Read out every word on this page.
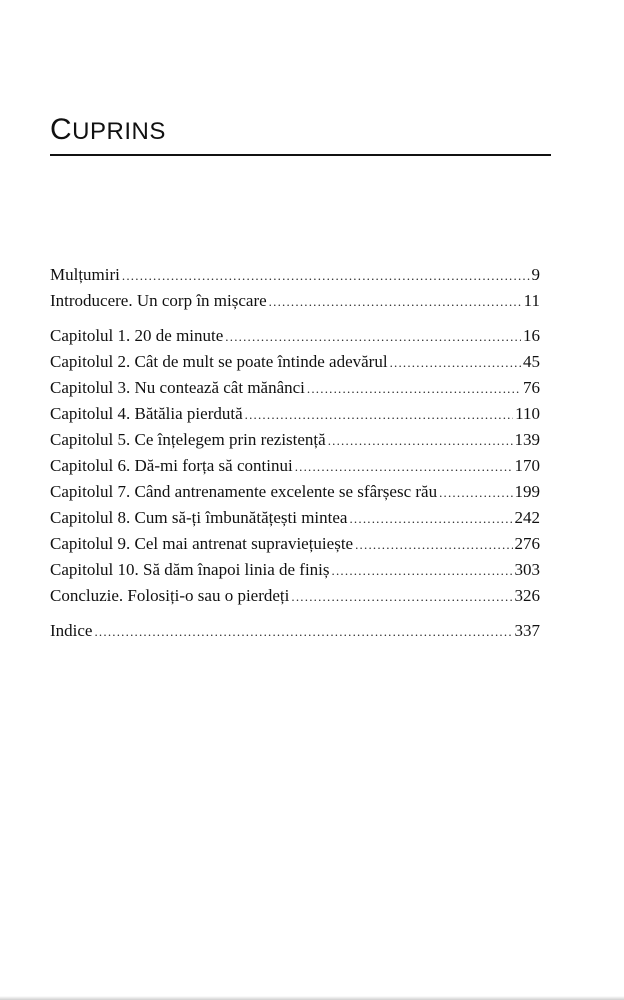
CUPRINS
Mulțumiri .....	9
Introducere. Un corp în mișcare .....	11
Capitolul 1. 20 de minute .....	16
Capitolul 2. Cât de mult se poate întinde adevărul .....	45
Capitolul 3. Nu contează cât mănânci .....	76
Capitolul 4. Bătălia pierdută .....	110
Capitolul 5. Ce înțelegem prin rezistență .....	139
Capitolul 6. Dă-mi forța să continui .....	170
Capitolul 7. Când antrenamente excelente se sfârșesc rău .....	199
Capitolul 8. Cum să-ți îmbunătățești mintea .....	242
Capitolul 9. Cel mai antrenat supraviețuiește .....	276
Capitolul 10. Să dăm înapoi linia de finiș .....	303
Concluzie. Folosiți-o sau o pierdeți .....	326
Indice .....	337
